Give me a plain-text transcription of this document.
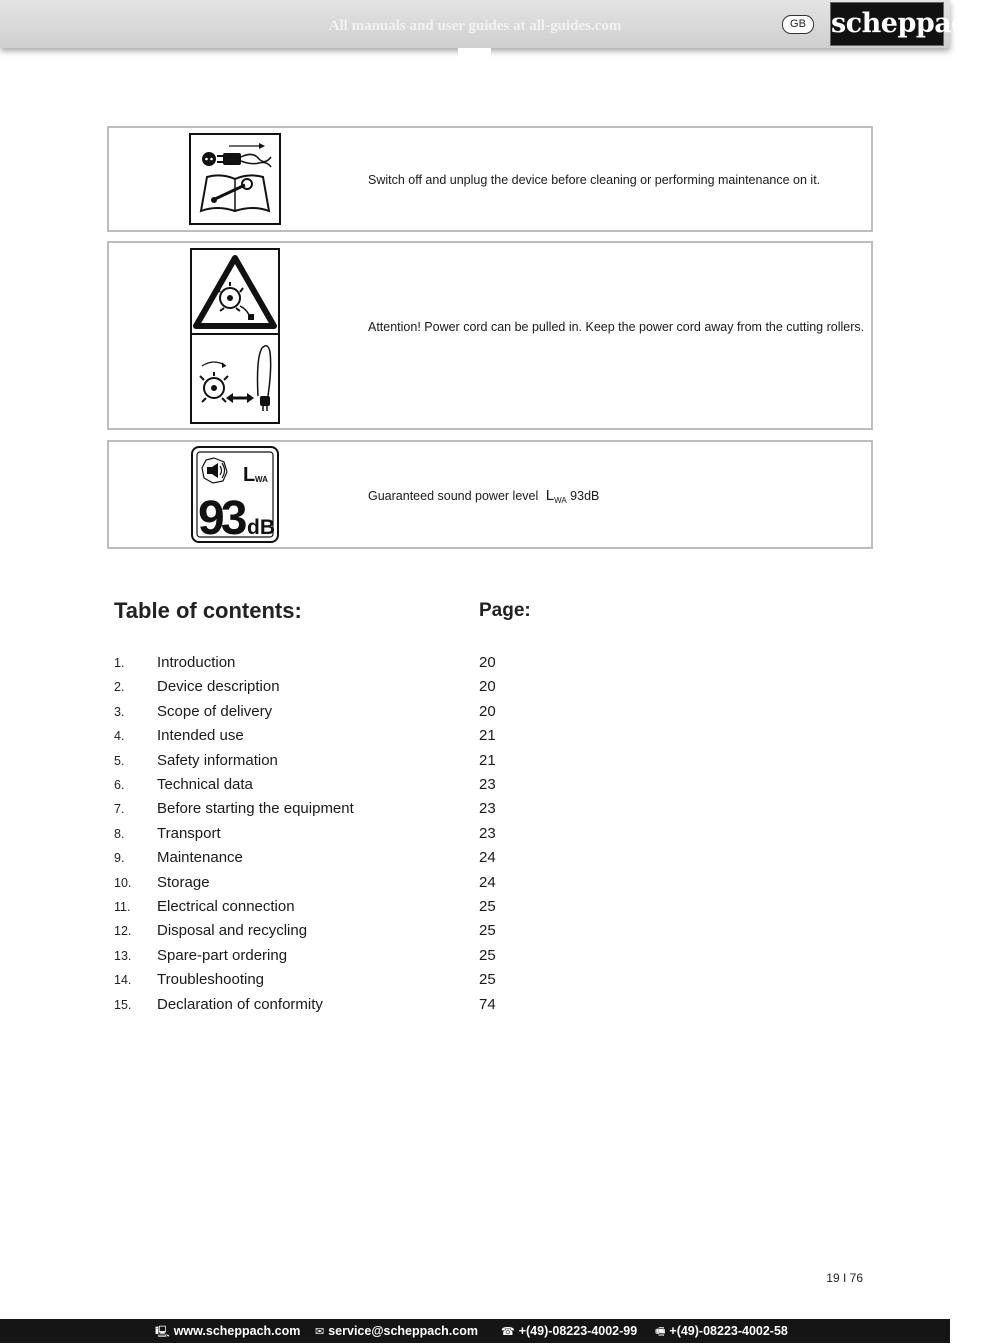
All manuals and user guides at all-guides.com	GB scheppach
Switch off and unplug the device before cleaning or performing maintenance on it.
Attention! Power cord can be pulled in. Keep the power cord away from the cutting rollers.
L WA
93 dB
Guaranteed sound power level $L_{WA}$ 93dB
Table of contents:	Page:
1. Introduction	20
2. Device description	20
3. Scope of delivery	20
4. Intended use	21
5. Safety information	21
6. Technical data	23
7. Before starting the equipment	23
8. Transport	23
9. Maintenance	24
10. Storage	24
11. Electrical connection	25
12. Disposal and recycling	25
13. Spare-part ordering	25
14. Troubleshooting	25
15. Declaration of conformity	74
19 I 76
🖳 www.scheppach.com ✉ service@scheppach.com ☎ +(49)-08223-4002-99 🖷 +(49)-08223-4002-58
